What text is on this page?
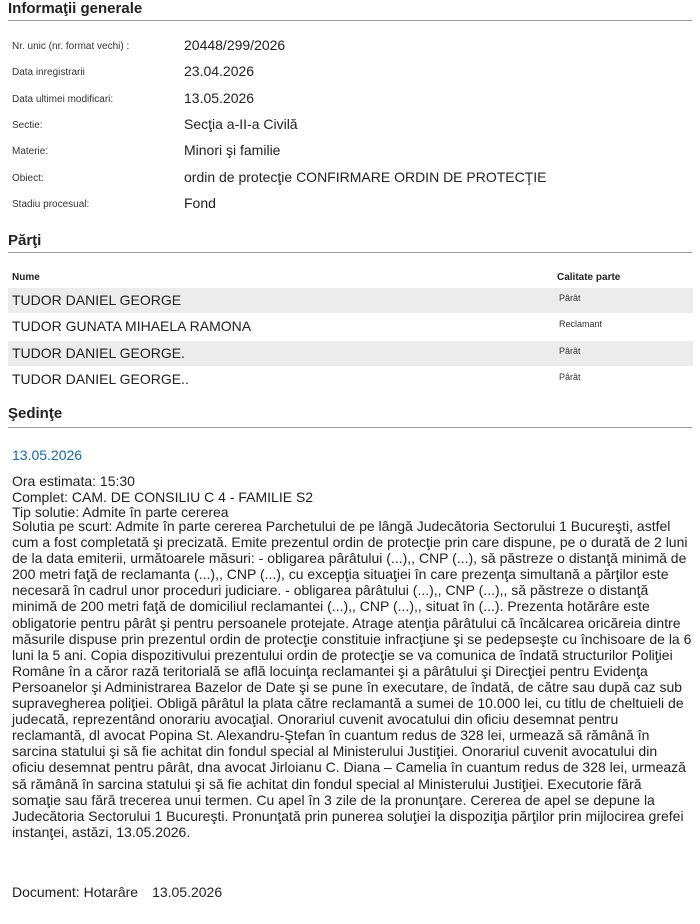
Informaţii generale
Nr. unic (nr. format vechi) :	20448/299/2026
Data inregistrarii	23.04.2026
Data ultimei modificari:	13.05.2026
Sectie:	Secţia a-II-a Civilă
Materie:	Minori şi familie
Obiect:	ordin de protecţie CONFIRMARE ORDIN DE PROTECŢIE
Stadiu procesual:	Fond
Părţi
Nume	Calitate parte
TUDOR DANIEL GEORGE	Pârât
TUDOR GUNATA MIHAELA RAMONA	Reclamant
TUDOR DANIEL GEORGE.	Pârât
TUDOR DANIEL GEORGE..	Pârât
Şedinţe
13.05.2026
Ora estimata: 15:30
Complet: CAM. DE CONSILIU C 4 - FAMILIE S2
Tip solutie: Admite în parte cererea

Solutia pe scurt: Admite în parte cererea Parchetului de pe lângă Judecătoria Sectorului 1 Bucureşti, astfel cum a fost completată şi precizată. Emite prezentul ordin de protecţie prin care dispune, pe o durată de 2 luni de la data emiterii, următoarele măsuri: - obligarea pârâtului (...),, CNP (...), să păstreze o distanţă minimă de 200 metri faţă de reclamanta (...),, CNP (...), cu excepţia situaţiei în care prezenţa simultană a părţilor este necesară în cadrul unor proceduri judiciare. - obligarea pârâtului (...),, CNP (...),, să păstreze o distanţă minimă de 200 metri faţă de domiciliul reclamantei (...),, CNP (...),, situat în (...). Prezenta hotărâre este obligatorie pentru pârât şi pentru persoanele protejate. Atrage atenţia pârâtului că încălcarea oricăreia dintre măsurile dispuse prin prezentul ordin de protecţie constituie infracţiune şi se pedepseşte cu închisoare de la 6 luni la 5 ani. Copia dispozitivului prezentului ordin de protecţie se va comunica de îndată structurilor Poliţiei Române în a căror rază teritorială se află locuinţa reclamantei şi a pârâtului şi Direcţiei pentru Evidenţa Persoanelor şi Administrarea Bazelor de Date şi se pune în executare, de îndată, de către sau după caz sub supravegherea poliţiei. Obligă pârâtul la plata către reclamantă a sumei de 10.000 lei, cu titlu de cheltuieli de judecată, reprezentând onorariu avocaţial. Onorariul cuvenit avocatului din oficiu desemnat pentru reclamantă, dl avocat Popina St. Alexandru-Ştefan în cuantum redus de 328 lei, urmează să rămână în sarcina statului şi să fie achitat din fondul special al Ministerului Justiţiei. Onorariul cuvenit avocatului din oficiu desemnat pentru pârât, dna avocat Jirloianu C. Diana – Camelia în cuantum redus de 328 lei, urmează să rămână în sarcina statului şi să fie achitat din fondul special al Ministerului Justiţiei. Executorie fără somaţie sau fără trecerea unui termen. Cu apel în 3 zile de la pronunţare. Cererea de apel se depune la Judecătoria Sectorului 1 Bucureşti. Pronunţată prin punerea soluţiei la dispoziţia părţilor prin mijlocirea grefei instanţei, astăzi, 13.05.2026.

Document: Hotarâre 13.05.2026
